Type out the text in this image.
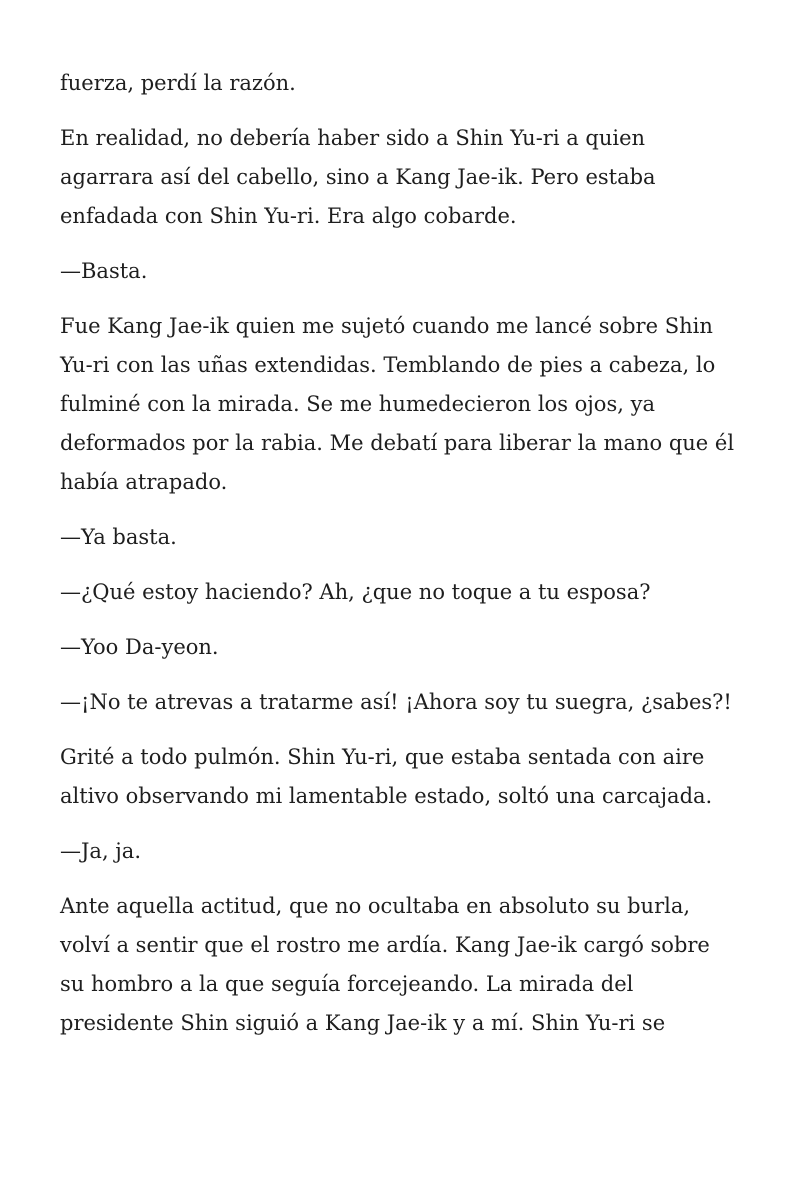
fuerza, perdí la razón.

En realidad, no debería haber sido a Shin Yu-ri a quien agarrara así del cabello, sino a Kang Jae-ik. Pero estaba enfadada con Shin Yu-ri. Era algo cobarde.

—Basta.

Fue Kang Jae-ik quien me sujetó cuando me lancé sobre Shin Yu-ri con las uñas extendidas. Temblando de pies a cabeza, lo fulminé con la mirada. Se me humedecieron los ojos, ya deformados por la rabia. Me debatí para liberar la mano que él había atrapado.

—Ya basta.

—¿Qué estoy haciendo? Ah, ¿que no toque a tu esposa?

—Yoo Da-yeon.

—¡No te atrevas a tratarme así! ¡Ahora soy tu suegra, ¿sabes?!

Grité a todo pulmón. Shin Yu-ri, que estaba sentada con aire altivo observando mi lamentable estado, soltó una carcajada.

—Ja, ja.

Ante aquella actitud, que no ocultaba en absoluto su burla, volví a sentir que el rostro me ardía. Kang Jae-ik cargó sobre su hombro a la que seguía forcejeando. La mirada del presidente Shin siguió a Kang Jae-ik y a mí. Shin Yu-ri se
